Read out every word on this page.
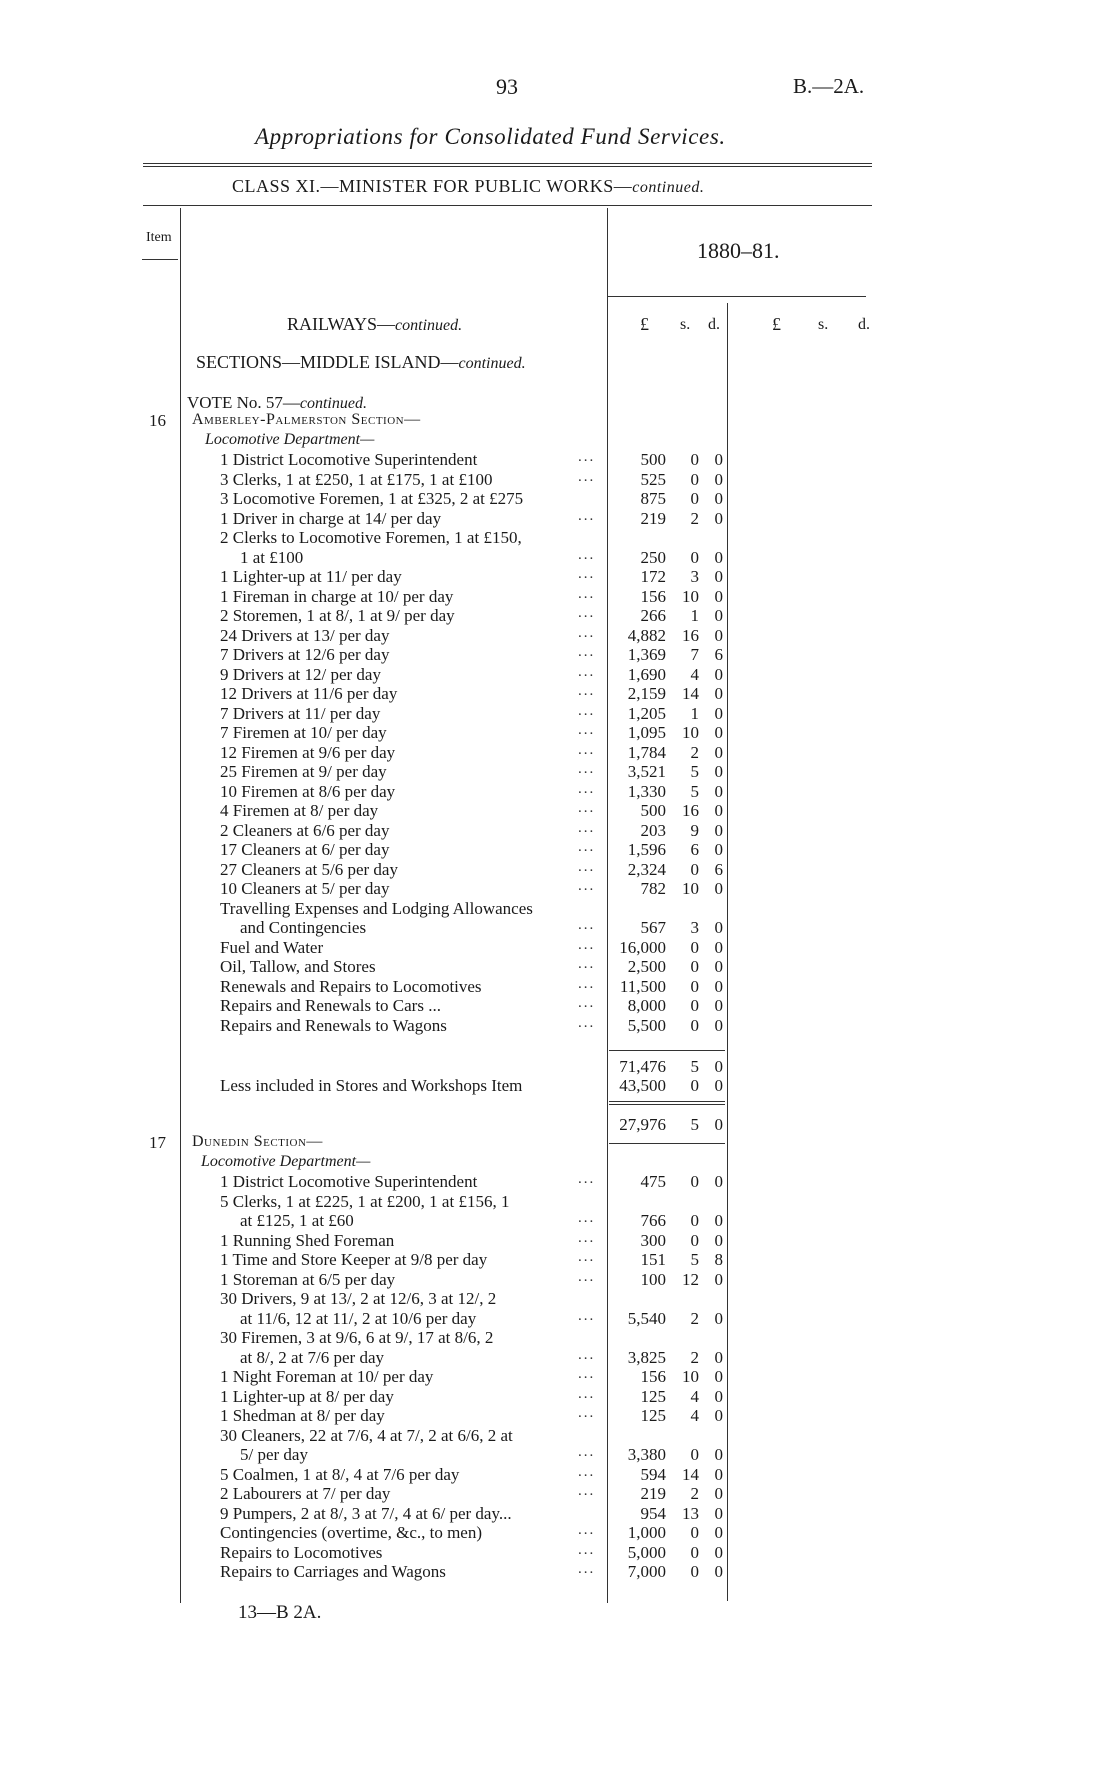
93	B.—2A.
Appropriations for Consolidated Fund Services.
CLASS XI.—MINISTER FOR PUBLIC WORKS—continued.
Item
1880–81.
£ s. d.	£ s. d.
RAILWAYS—continued.
SECTIONS—MIDDLE ISLAND—continued.
VOTE No. 57—continued.
16 Amberley-Palmerston Section—
Locomotive Department—
1 District Locomotive Superintendent	...	500 0 0
3 Clerks, 1 at £250, 1 at £175, 1 at £100	...	525 0 0
3 Locomotive Foremen, 1 at £325, 2 at £275	875 0 0
1 Driver in charge at 14/ per day	...	219 2 0
2 Clerks to Locomotive Foremen, 1 at £150,
1 at £100	...	250 0 0
1 Lighter-up at 11/ per day	...	172 3 0
1 Fireman in charge at 10/ per day	...	156 10 0
2 Storemen, 1 at 8/, 1 at 9/ per day	...	266 1 0
24 Drivers at 13/ per day	... 4,882 16 0
7 Drivers at 12/6 per day	... 1,369 7 6
9 Drivers at 12/ per day	... 1,690 4 0
12 Drivers at 11/6 per day	... 2,159 14 0
7 Drivers at 11/ per day	... 1,205 1 0
7 Firemen at 10/ per day	... 1,095 10 0
12 Firemen at 9/6 per day	... 1,784 2 0
25 Firemen at 9/ per day	... 3,521 5 0
10 Firemen at 8/6 per day	... 1,330 5 0
4 Firemen at 8/ per day	...	500 16 0
2 Cleaners at 6/6 per day	...	203 9 0
17 Cleaners at 6/ per day	... 1,596 6 0
27 Cleaners at 5/6 per day	... 2,324 0 6
10 Cleaners at 5/ per day	...	782 10 0
Travelling Expenses and Lodging Allowances
and Contingencies	...	567 3 0
Fuel and Water	... 16,000 0 0
Oil, Tallow, and Stores	... 2,500 0 0
Renewals and Repairs to Locomotives	... 11,500 0 0
Repairs and Renewals to Cars ...	... 8,000 0 0
Repairs and Renewals to Wagons	... 5,500 0 0
71,476 5 0
Less included in Stores and Workshops Item	43,500 0 0
27,976 5 0
17 Dunedin Section—
Locomotive Department—
1 District Locomotive Superintendent	...	475 0 0
5 Clerks, 1 at £225, 1 at £200, 1 at £156, 1
at £125, 1 at £60	...	766 0 0
1 Running Shed Foreman	...	300 0 0
1 Time and Store Keeper at 9/8 per day	...	151 5 8
1 Storeman at 6/5 per day	...	100 12 0
30 Drivers, 9 at 13/, 2 at 12/6, 3 at 12/, 2
at 11/6, 12 at 11/, 2 at 10/6 per day	... 5,540 2 0
30 Firemen, 3 at 9/6, 6 at 9/, 17 at 8/6, 2
at 8/, 2 at 7/6 per day	... 3,825 2 0
1 Night Foreman at 10/ per day	...	156 10 0
1 Lighter-up at 8/ per day	...	125 4 0
1 Shedman at 8/ per day	...	125 4 0
30 Cleaners, 22 at 7/6, 4 at 7/, 2 at 6/6, 2 at
5/ per day	... 3,380 0 0
5 Coalmen, 1 at 8/, 4 at 7/6 per day	...	594 14 0
2 Labourers at 7/ per day	...	219 2 0
9 Pumpers, 2 at 8/, 3 at 7/, 4 at 6/ per day...	954 13 0
Contingencies (overtime, &c., to men)	... 1,000 0 0
Repairs to Locomotives	... 5,000 0 0
Repairs to Carriages and Wagons	... 7,000 0 0
13—B 2A.
